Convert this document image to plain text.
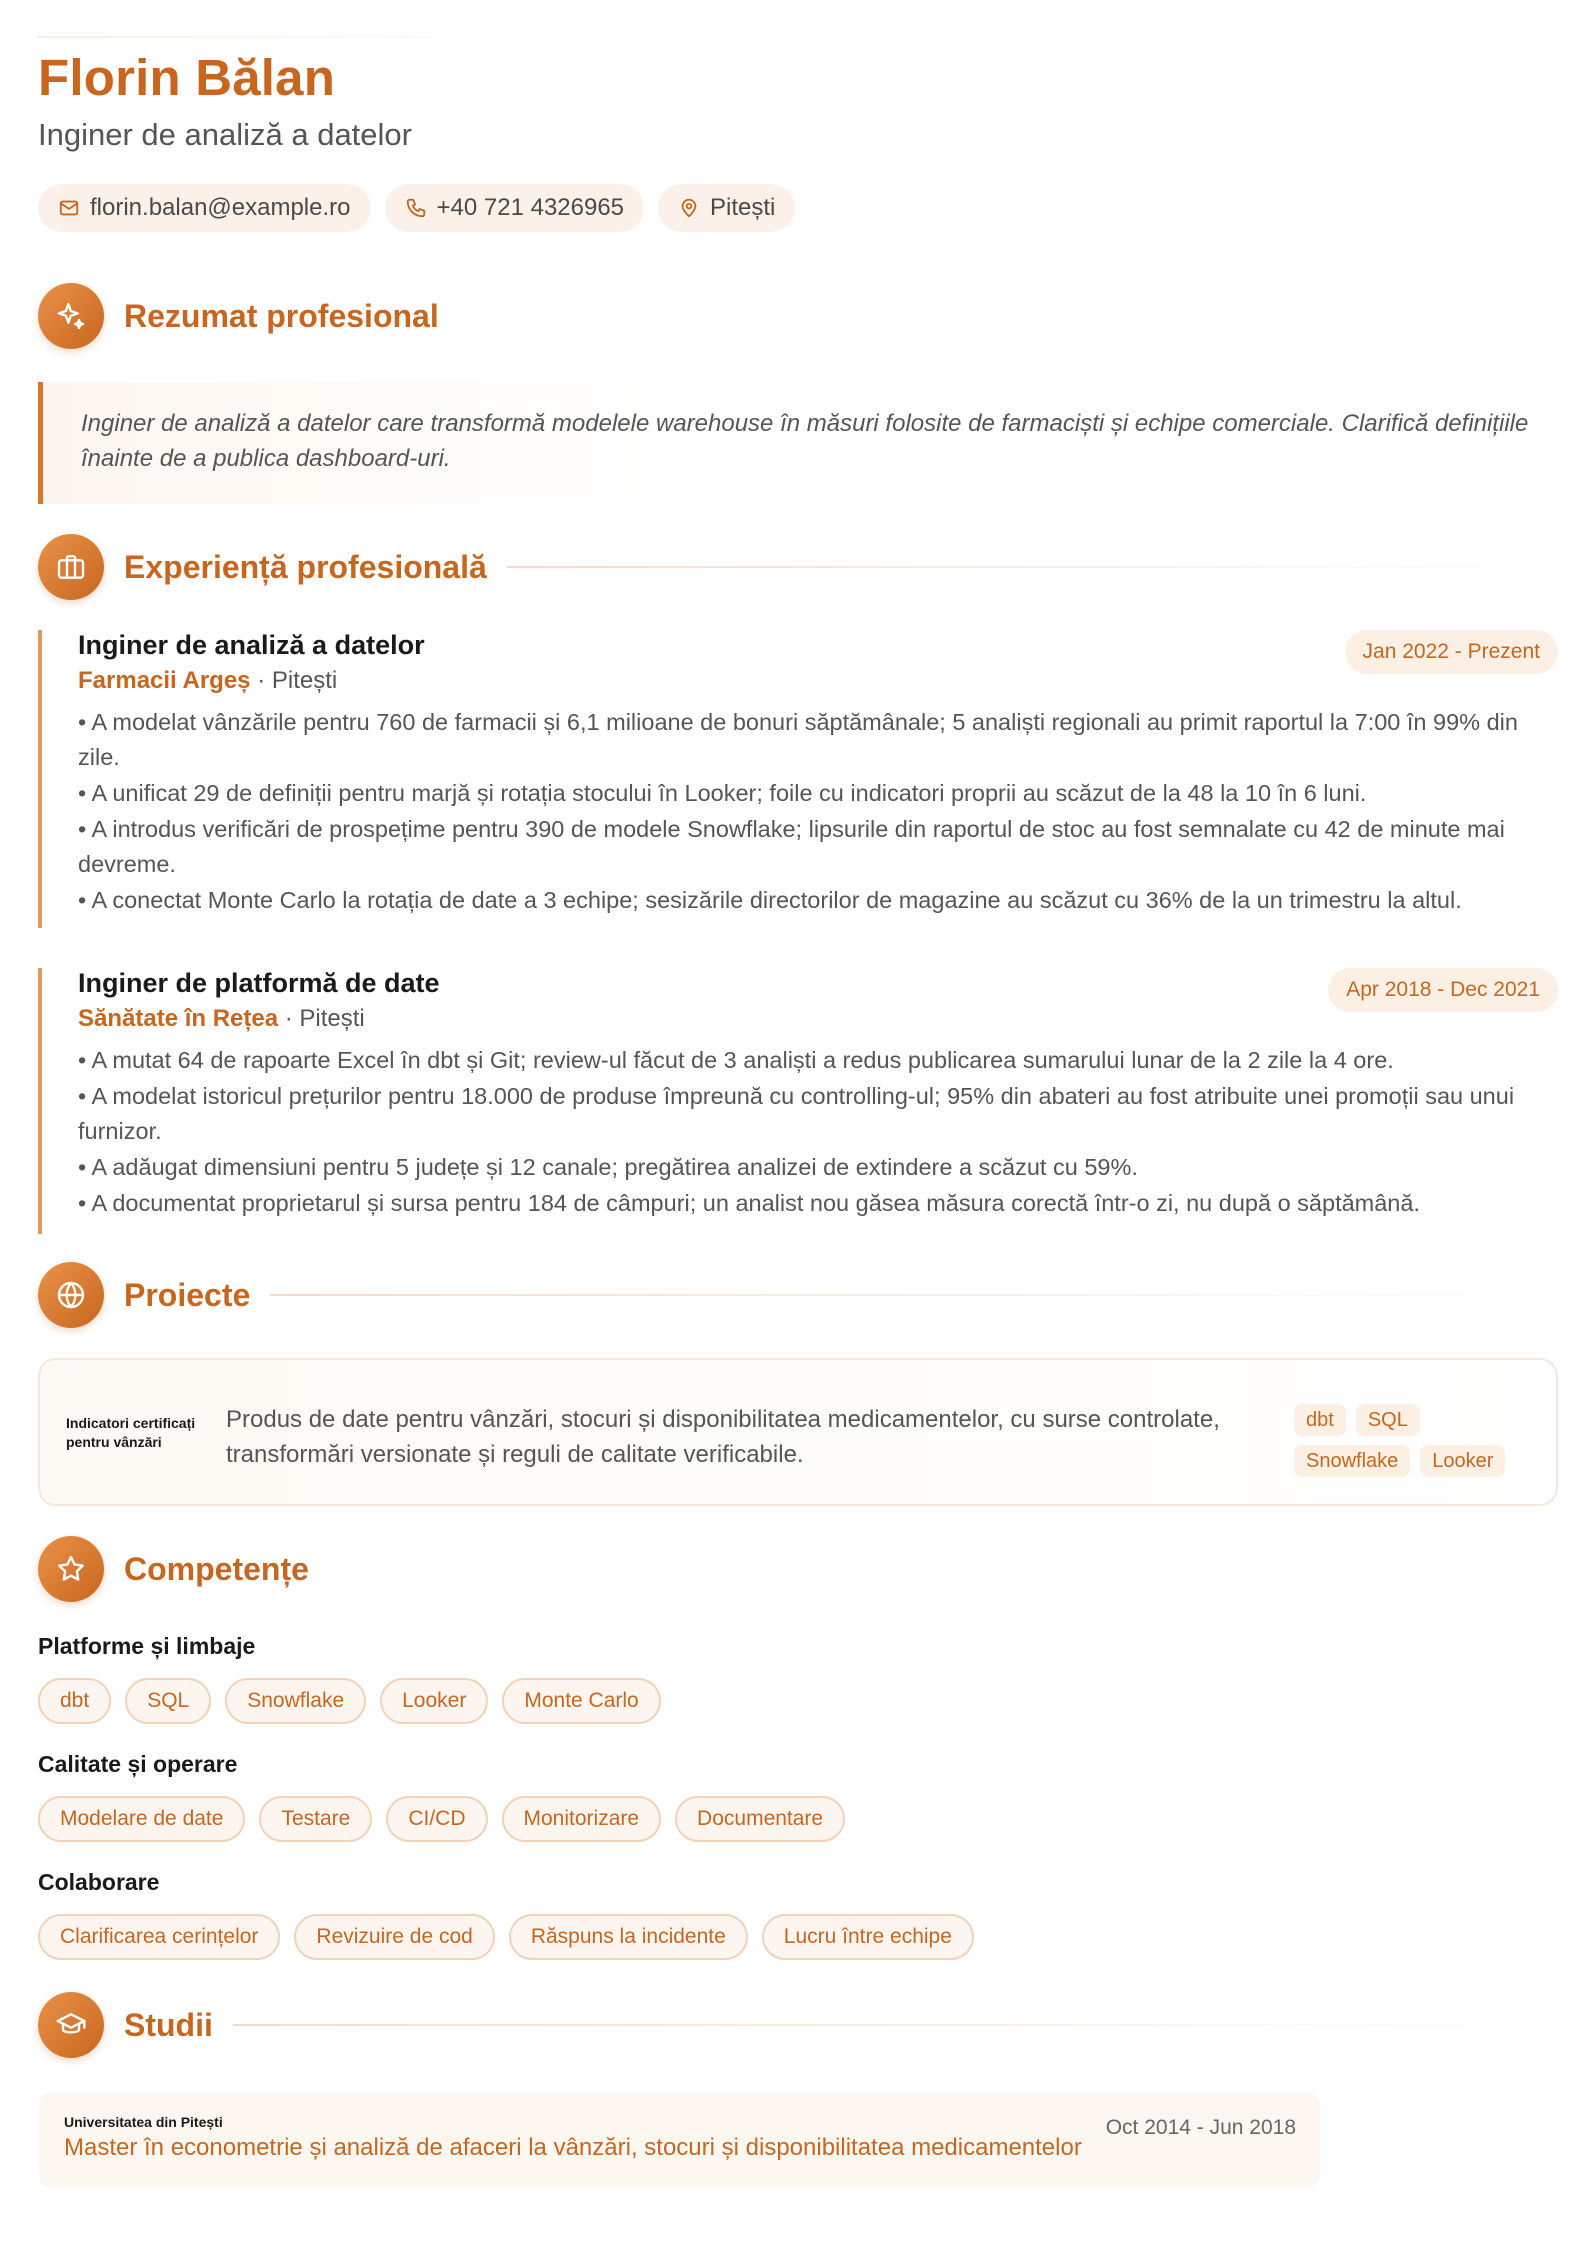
Florin Bălan
Inginer de analiză a datelor
florin.balan@example.ro	+40 721 4326965	Pitești
Rezumat profesional

Inginer de analiză a datelor care transformă modelele warehouse în măsuri folosite de farmaciști și echipe comerciale. Clarifică definițiile înainte de a publica dashboard-uri.

Experiență profesională
Inginer de analiză a datelor
Farmacii Argeș · Pitești
Jan 2022 - Prezent
• A modelat vânzările pentru 760 de farmacii și 6,1 milioane de bonuri săptămânale; 5 analiști regionali au primit raportul la 7:00 în 99% din zile.
• A unificat 29 de definiții pentru marjă și rotația stocului în Looker; foile cu indicatori proprii au scăzut de la 48 la 10 în 6 luni.
• A introdus verificări de prospețime pentru 390 de modele Snowflake; lipsurile din raportul de stoc au fost semnalate cu 42 de minute mai devreme.
• A conectat Monte Carlo la rotația de date a 3 echipe; sesizările directorilor de magazine au scăzut cu 36% de la un trimestru la altul.
Inginer de platformă de date
Sănătate în Rețea · Pitești
Apr 2018 - Dec 2021
• A mutat 64 de rapoarte Excel în dbt și Git; review-ul făcut de 3 analiști a redus publicarea sumarului lunar de la 2 zile la 4 ore.
• A modelat istoricul prețurilor pentru 18.000 de produse împreună cu controlling-ul; 95% din abateri au fost atribuite unei promoții sau unui furnizor.
• A adăugat dimensiuni pentru 5 județe și 12 canale; pregătirea analizei de extindere a scăzut cu 59%.
• A documentat proprietarul și sursa pentru 184 de câmpuri; un analist nou găsea măsura corectă într-o zi, nu după o săptămână.
Proiecte
Indicatori certificați pentru vânzări
Produs de date pentru vânzări, stocuri și disponibilitatea medicamentelor, cu surse controlate, transformări versionate și reguli de calitate verificabile.
dbt	SQL
Snowflake	Looker
Competențe
Platforme și limbaje
dbt	SQL	Snowflake	Looker	Monte Carlo
Calitate și operare
Modelare de date	Testare	CI/CD	Monitorizare	Documentare
Colaborare
Clarificarea cerințelor	Revizuire de cod	Răspuns la incidente	Lucru între echipe
Studii
Universitatea din Pitești
Master în econometrie și analiză de afaceri la vânzări, stocuri și disponibilitatea medicamentelor
Oct 2014 - Jun 2018
